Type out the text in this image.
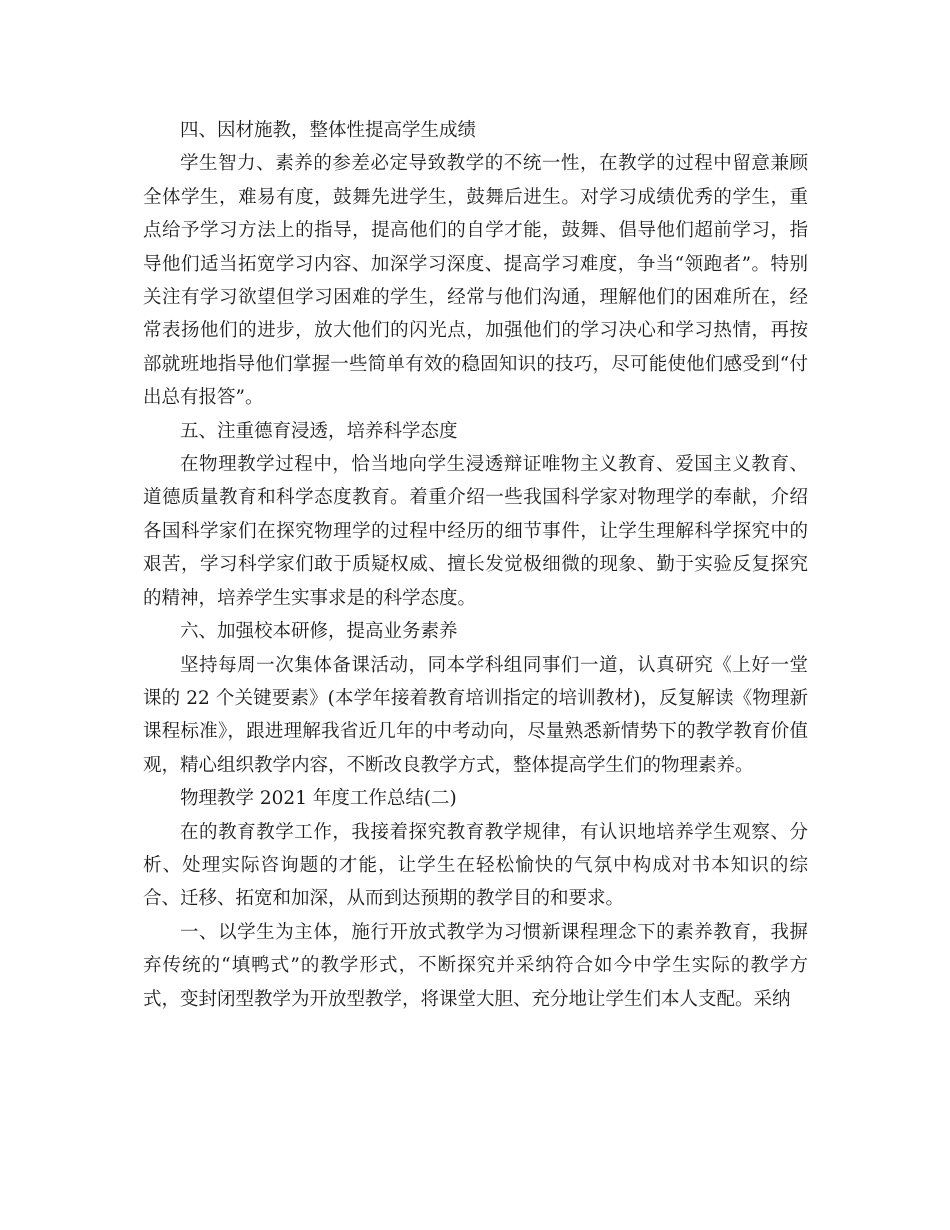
四、因材施教，整体性提高学生成绩

学生智力、素养的参差必定导致教学的不统一性，在教学的过程中留意兼顾全体学生，难易有度，鼓舞先进学生，鼓舞后进生。对学习成绩优秀的学生，重点给予学习方法上的指导，提高他们的自学才能，鼓舞、倡导他们超前学习，指导他们适当拓宽学习内容、加深学习深度、提高学习难度，争当“领跑者”。特别关注有学习欲望但学习困难的学生，经常与他们沟通，理解他们的困难所在，经常表扬他们的进步，放大他们的闪光点，加强他们的学习决心和学习热情，再按部就班地指导他们掌握一些简单有效的稳固知识的技巧，尽可能使他们感受到“付出总有报答”。

五、注重德育浸透，培养科学态度

在物理教学过程中，恰当地向学生浸透辩证唯物主义教育、爱国主义教育、道德质量教育和科学态度教育。着重介绍一些我国科学家对物理学的奉献，介绍各国科学家们在探究物理学的过程中经历的细节事件，让学生理解科学探究中的艰苦，学习科学家们敢于质疑权威、擅长发觉极细微的现象、勤于实验反复探究的精神，培养学生实事求是的科学态度。

六、加强校本研修，提高业务素养

坚持每周一次集体备课活动，同本学科组同事们一道，认真研究《上好一堂课的 22 个关键要素》(本学年接着教育培训指定的培训教材)，反复解读《物理新课程标准》，跟进理解我省近几年的中考动向，尽量熟悉新情势下的教学教育价值观，精心组织教学内容，不断改良教学方式，整体提高学生们的物理素养。

物理教学 2021 年度工作总结(二)

在的教育教学工作，我接着探究教育教学规律，有认识地培养学生观察、分析、处理实际咨询题的才能，让学生在轻松愉快的气氛中构成对书本知识的综合、迁移、拓宽和加深，从而到达预期的教学目的和要求。

一、以学生为主体，施行开放式教学为习惯新课程理念下的素养教育，我摒弃传统的“填鸭式”的教学形式，不断探究并采纳符合如今中学生实际的教学方式，变封闭型教学为开放型教学，将课堂大胆、充分地让学生们本人支配。采纳
